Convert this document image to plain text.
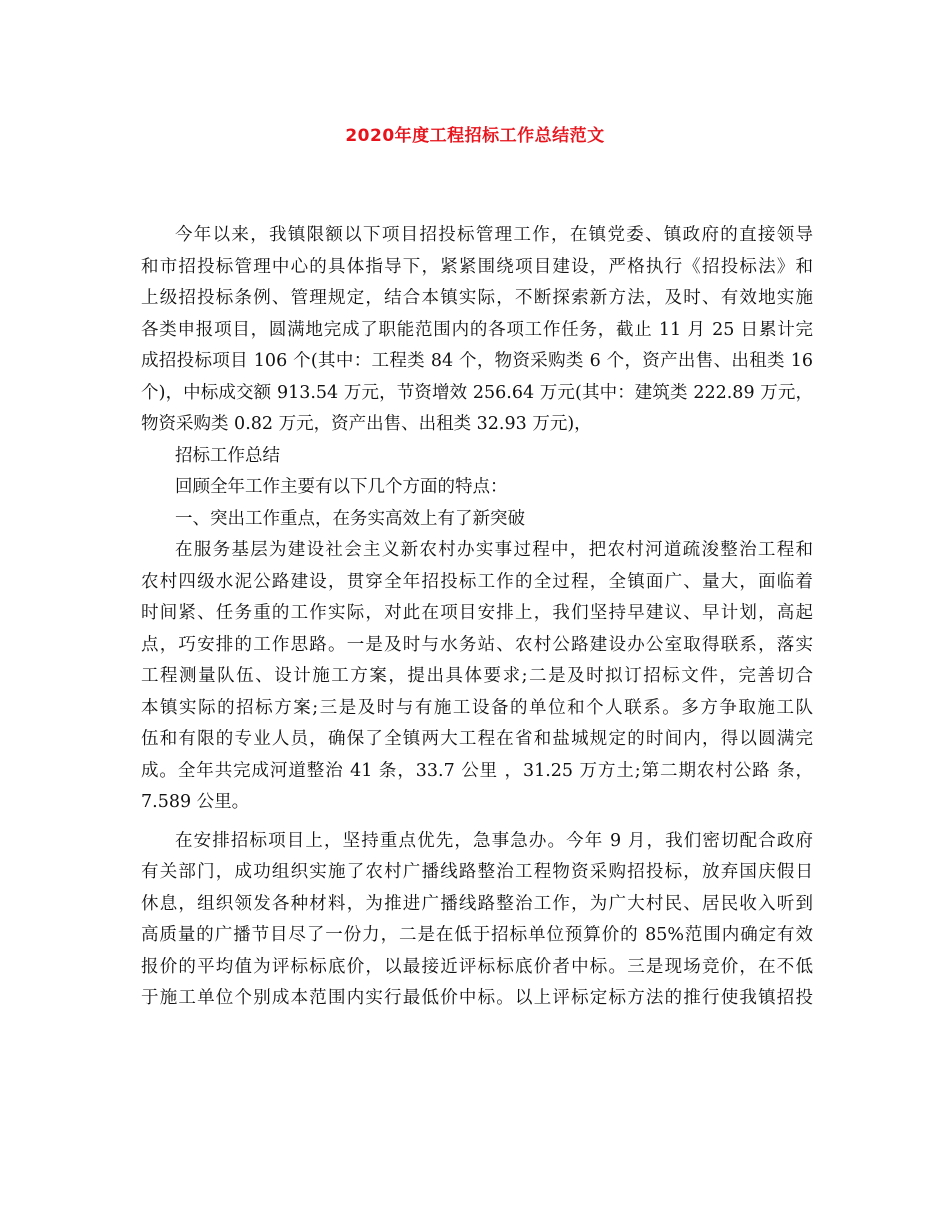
2020年度工程招标工作总结范文
今年以来，我镇限额以下项目招投标管理工作，在镇党委、镇政府的直接领导
和市招投标管理中心的具体指导下，紧紧围绕项目建设，严格执行《招投标法》和
上级招投标条例、管理规定，结合本镇实际，不断探索新方法，及时、有效地实施
各类申报项目，圆满地完成了职能范围内的各项工作任务，截止 11 月 25 日累计完
成招投标项目 106 个(其中：工程类 84 个，物资采购类 6 个，资产出售、出租类 16
个)，中标成交额 913.54 万元，节资增效 256.64 万元(其中：建筑类 222.89 万元，
物资采购类 0.82 万元，资产出售、出租类 32.93 万元)，
招标工作总结
回顾全年工作主要有以下几个方面的特点：
一、突出工作重点，在务实高效上有了新突破
在服务基层为建设社会主义新农村办实事过程中，把农村河道疏浚整治工程和
农村四级水泥公路建设，贯穿全年招投标工作的全过程，全镇面广、量大，面临着
时间紧、任务重的工作实际，对此在项目安排上，我们坚持早建议、早计划，高起
点，巧安排的工作思路。一是及时与水务站、农村公路建设办公室取得联系，落实
工程测量队伍、设计施工方案，提出具体要求;二是及时拟订招标文件，完善切合
本镇实际的招标方案;三是及时与有施工设备的单位和个人联系。多方争取施工队
伍和有限的专业人员，确保了全镇两大工程在省和盐城规定的时间内，得以圆满完
成。全年共完成河道整治 41 条，33.7 公里 ，31.25 万方土;第二期农村公路 条，
7.589 公里。
在安排招标项目上，坚持重点优先，急事急办。今年 9 月，我们密切配合政府
有关部门，成功组织实施了农村广播线路整治工程物资采购招投标，放弃国庆假日
休息，组织领发各种材料，为推进广播线路整治工作，为广大村民、居民收入听到
高质量的广播节目尽了一份力，二是在低于招标单位预算价的 85%范围内确定有效
报价的平均值为评标标底价，以最接近评标标底价者中标。三是现场竞价，在不低
于施工单位个别成本范围内实行最低价中标。以上评标定标方法的推行使我镇招投
